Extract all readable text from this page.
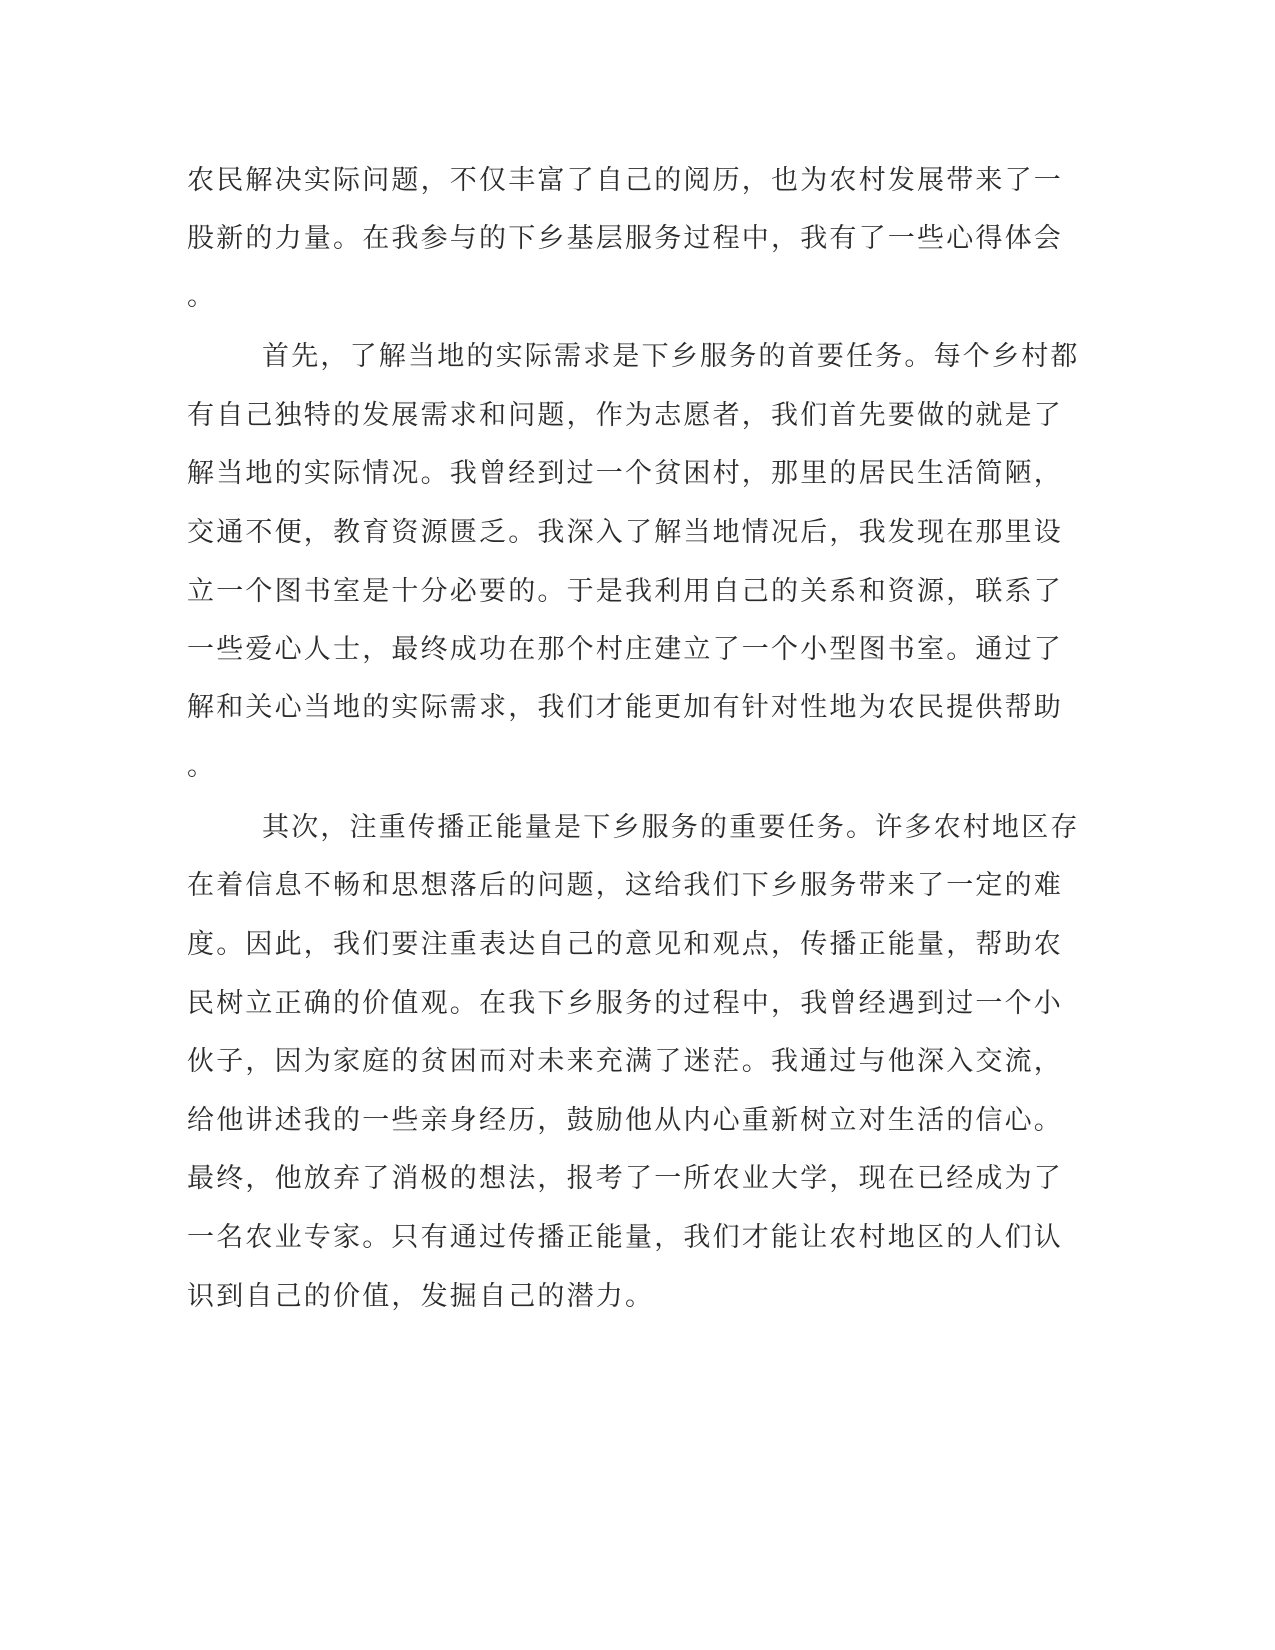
农民解决实际问题，不仅丰富了自己的阅历，也为农村发展带来了一
股新的力量。在我参与的下乡基层服务过程中，我有了一些心得体会
。
首先，了解当地的实际需求是下乡服务的首要任务。每个乡村都
有自己独特的发展需求和问题，作为志愿者，我们首先要做的就是了
解当地的实际情况。我曾经到过一个贫困村，那里的居民生活简陋，
交通不便，教育资源匮乏。我深入了解当地情况后，我发现在那里设
立一个图书室是十分必要的。于是我利用自己的关系和资源，联系了
一些爱心人士，最终成功在那个村庄建立了一个小型图书室。通过了
解和关心当地的实际需求，我们才能更加有针对性地为农民提供帮助
。
其次，注重传播正能量是下乡服务的重要任务。许多农村地区存
在着信息不畅和思想落后的问题，这给我们下乡服务带来了一定的难
度。因此，我们要注重表达自己的意见和观点，传播正能量，帮助农
民树立正确的价值观。在我下乡服务的过程中，我曾经遇到过一个小
伙子，因为家庭的贫困而对未来充满了迷茫。我通过与他深入交流，
给他讲述我的一些亲身经历，鼓励他从内心重新树立对生活的信心。
最终，他放弃了消极的想法，报考了一所农业大学，现在已经成为了
一名农业专家。只有通过传播正能量，我们才能让农村地区的人们认
识到自己的价值，发掘自己的潜力。
